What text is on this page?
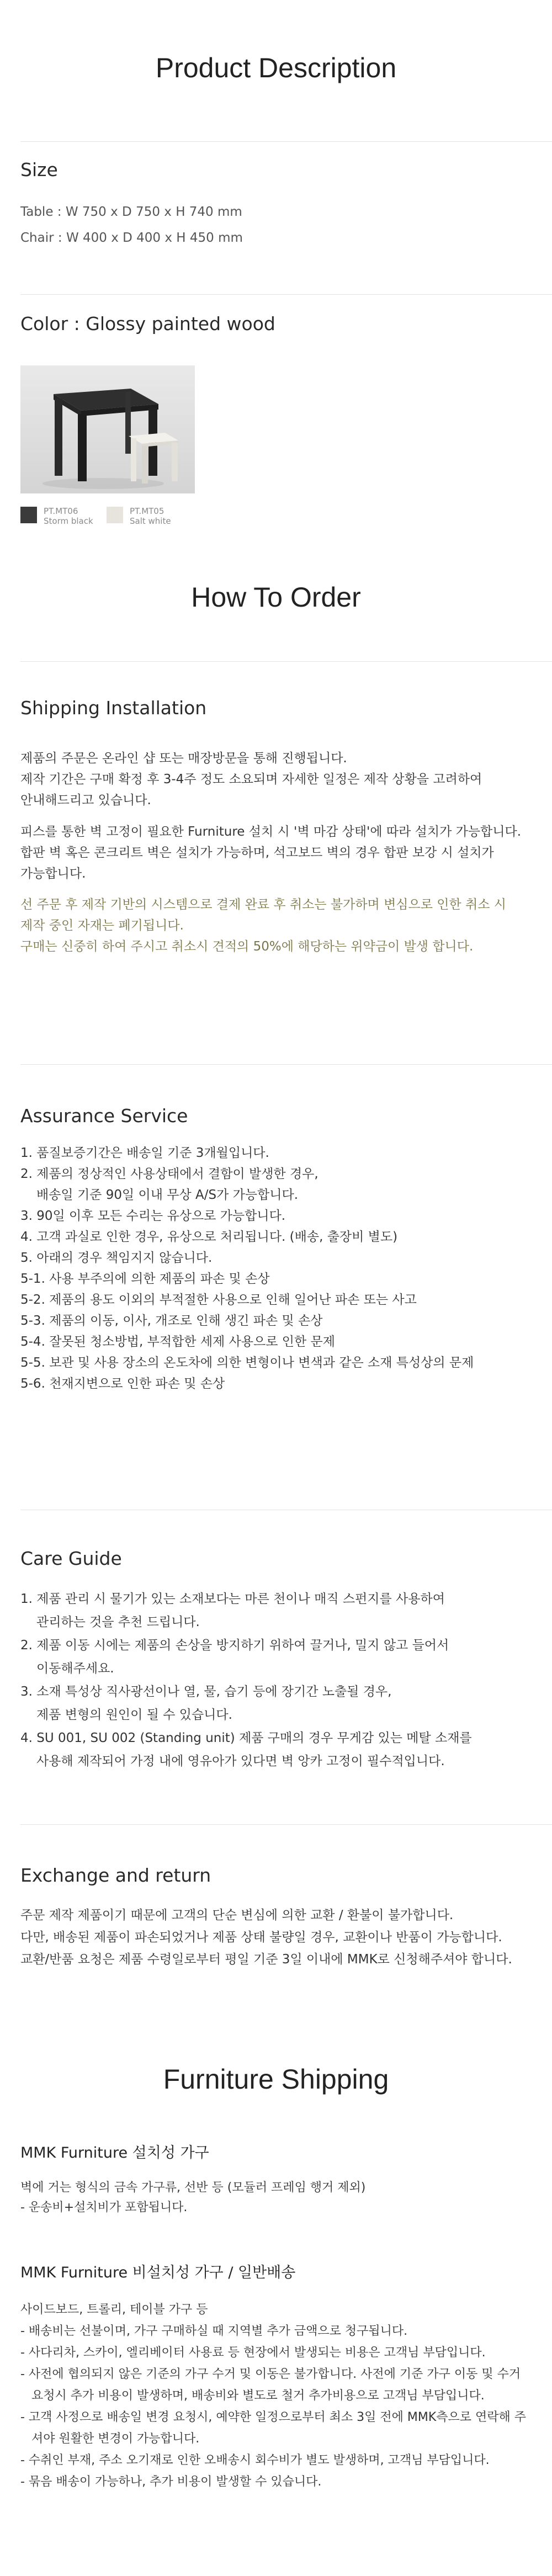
Product Description
Size
Table : W 750 x D 750 x H 740 mm
Chair : W 400 x D 400 x H 450 mm
Color : Glossy painted wood
PT.MT06
Storm black
PT.MT05
Salt white
How To Order
Shipping Installation
제품의 주문은 온라인 샵 또는 매장방문을 통해 진행됩니다.
제작 기간은 구매 확정 후 3-4주 정도 소요되며 자세한 일정은 제작 상황을 고려하여
안내해드리고 있습니다.
피스를 통한 벽 고정이 필요한 Furniture 설치 시 '벽 마감 상태'에 따라 설치가 가능합니다.
합판 벽 혹은 콘크리트 벽은 설치가 가능하며, 석고보드 벽의 경우 합판 보강 시 설치가
가능합니다.
선 주문 후 제작 기반의 시스템으로 결제 완료 후 취소는 불가하며 변심으로 인한 취소 시
제작 중인 자재는 폐기됩니다.
구매는 신중히 하여 주시고 취소시 견적의 50%에 해당하는 위약금이 발생 합니다.
Assurance Service
1. 품질보증기간은 배송일 기준 3개월입니다.
2. 제품의 정상적인 사용상태에서 결함이 발생한 경우,
배송일 기준 90일 이내 무상 A/S가 가능합니다.
3. 90일 이후 모든 수리는 유상으로 가능합니다.
4. 고객 과실로 인한 경우, 유상으로 처리됩니다. (배송, 출장비 별도)
5. 아래의 경우 책임지지 않습니다.
5-1. 사용 부주의에 의한 제품의 파손 및 손상
5-2. 제품의 용도 이외의 부적절한 사용으로 인해 일어난 파손 또는 사고
5-3. 제품의 이동, 이사, 개조로 인해 생긴 파손 및 손상
5-4. 잘못된 청소방법, 부적합한 세제 사용으로 인한 문제
5-5. 보관 및 사용 장소의 온도차에 의한 변형이나 변색과 같은 소재 특성상의 문제
5-6. 천재지변으로 인한 파손 및 손상
Care Guide
1. 제품 관리 시 물기가 있는 소재보다는 마른 천이나 매직 스펀지를 사용하여
관리하는 것을 추천 드립니다.
2. 제품 이동 시에는 제품의 손상을 방지하기 위하여 끌거나, 밀지 않고 들어서
이동해주세요.
3. 소재 특성상 직사광선이나 열, 물, 습기 등에 장기간 노출될 경우,
제품 변형의 원인이 될 수 있습니다.
4. SU 001, SU 002 (Standing unit) 제품 구매의 경우 무게감 있는 메탈 소재를
사용해 제작되어 가정 내에 영유아가 있다면 벽 앙카 고정이 필수적입니다.
Exchange and return
주문 제작 제품이기 때문에 고객의 단순 변심에 의한 교환 / 환불이 불가합니다.
다만, 배송된 제품이 파손되었거나 제품 상태 불량일 경우, 교환이나 반품이 가능합니다.
교환/반품 요청은 제품 수령일로부터 평일 기준 3일 이내에 MMK로 신청해주셔야 합니다.
Furniture Shipping
MMK Furniture 설치성 가구
벽에 거는 형식의 금속 가구류, 선반 등 (모듈러 프레임 행거 제외)
- 운송비+설치비가 포함됩니다.
MMK Furniture 비설치성 가구 / 일반배송
사이드보드, 트롤리, 테이블 가구 등
- 배송비는 선불이며, 가구 구매하실 때 지역별 추가 금액으로 청구됩니다.
- 사다리차, 스카이, 엘리베이터 사용료 등 현장에서 발생되는 비용은 고객님 부담입니다.
- 사전에 협의되지 않은 기준의 가구 수거 및 이동은 불가합니다. 사전에 기준 가구 이동 및 수거
요청시 추가 비용이 발생하며, 배송비와 별도로 철거 추가비용으로 고객님 부담입니다.
- 고객 사정으로 배송일 변경 요청시, 예약한 일정으로부터 최소 3일 전에 MMK측으로 연락해 주
셔야 원활한 변경이 가능합니다.
- 수취인 부재, 주소 오기재로 인한 오배송시 회수비가 별도 발생하며, 고객님 부담입니다.
- 묶음 배송이 가능하나, 추가 비용이 발생할 수 있습니다.
